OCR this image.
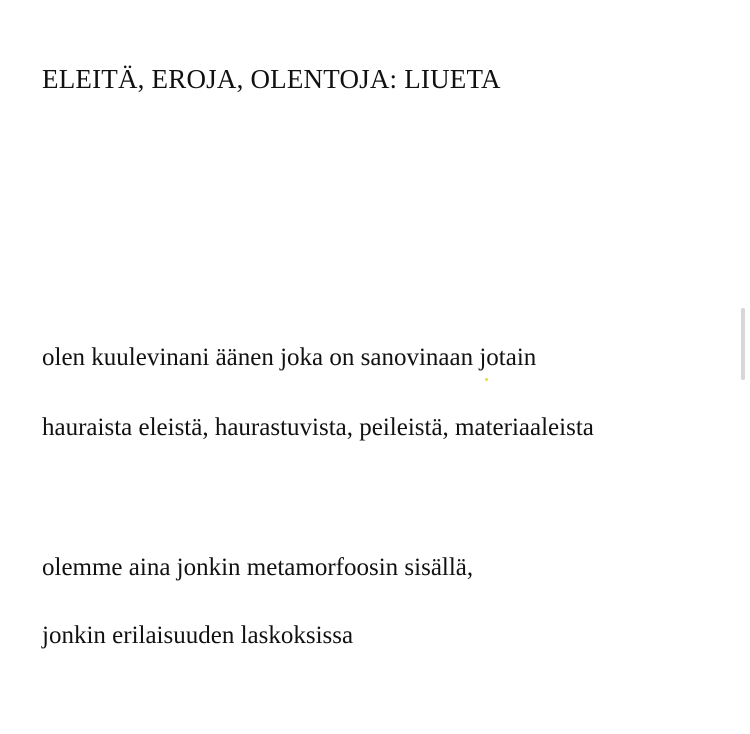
ELEITÄ, EROJA, OLENTOJA: LIUETA

olen kuulevinani äänen joka on sanovinaan jotain

hauraista eleistä, haurastuvista, peileistä, materiaaleista

olemme aina jonkin metamorfoosin sisällä,

jonkin erilaisuuden laskoksissa
